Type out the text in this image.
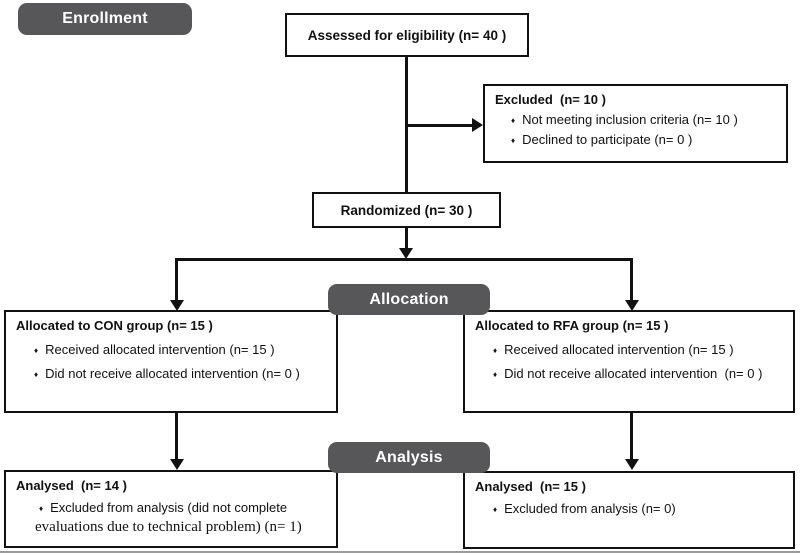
Enrollment
Assessed for eligibility (n= 40 )
Excluded  (n= 10 )
♦ Not meeting inclusion criteria (n= 10 )
♦ Declined to participate (n= 0 )
Randomized (n= 30 )
Allocation
Allocated to CON group (n= 15 )
♦ Received allocated intervention (n= 15 )
♦ Did not receive allocated intervention (n= 0 )
Allocated to RFA group (n= 15 )
♦ Received allocated intervention (n= 15 )
♦ Did not receive allocated intervention  (n= 0 )
Analysis
Analysed  (n= 14 )
♦ Excluded from analysis (did not complete
evaluations due to technical problem) (n= 1)
Analysed  (n= 15 )
♦ Excluded from analysis (n= 0)
